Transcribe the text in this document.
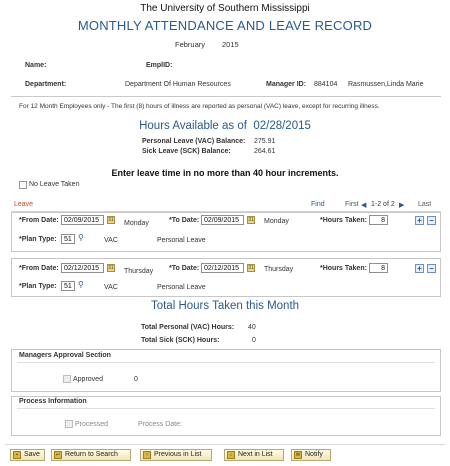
The University of Southern Mississippi
MONTHLY ATTENDANCE AND LEAVE RECORD
February 2015
Name:	EmplID:
Department:	Department Of Human Resources	Manager ID: 884104 Rasmussen,Linda Marie
For 12 Month Employees only - The first (8) hours of illness are reported as personal (VAC) leave, except for recurring illness.
Hours Available as of 02/28/2015
Personal Leave (VAC) Balance: 275.91
Sick Leave (SCK) Balance:	264.61
Enter leave time in no more than 40 hour increments.
No Leave Taken
Leave	Find	First ◀ 1-2 of 2 ▶ Last
*From Date:
02/09/2015	31 Monday	*To Date:
02/09/2015	31 Monday	*Hours Taken:
8	+ −
*Plan Type:
51	⚲	VAC	Personal Leave
*From Date:
02/12/2015	31 Thursday *To Date:
02/12/2015	31 Thursday	*Hours Taken:
8	+ −
*Plan Type:
51	⚲	VAC	Personal Leave
Total Hours Taken this Month
Total Personal (VAC) Hours: 40
Total Sick (SCK) Hours:	0
Managers Approval Section
Approved	0
Process Information
Processed	Process Date:
▪ Save	↩ Return to Search	↑ Previous in List	↓ Next in List	✉ Notify
